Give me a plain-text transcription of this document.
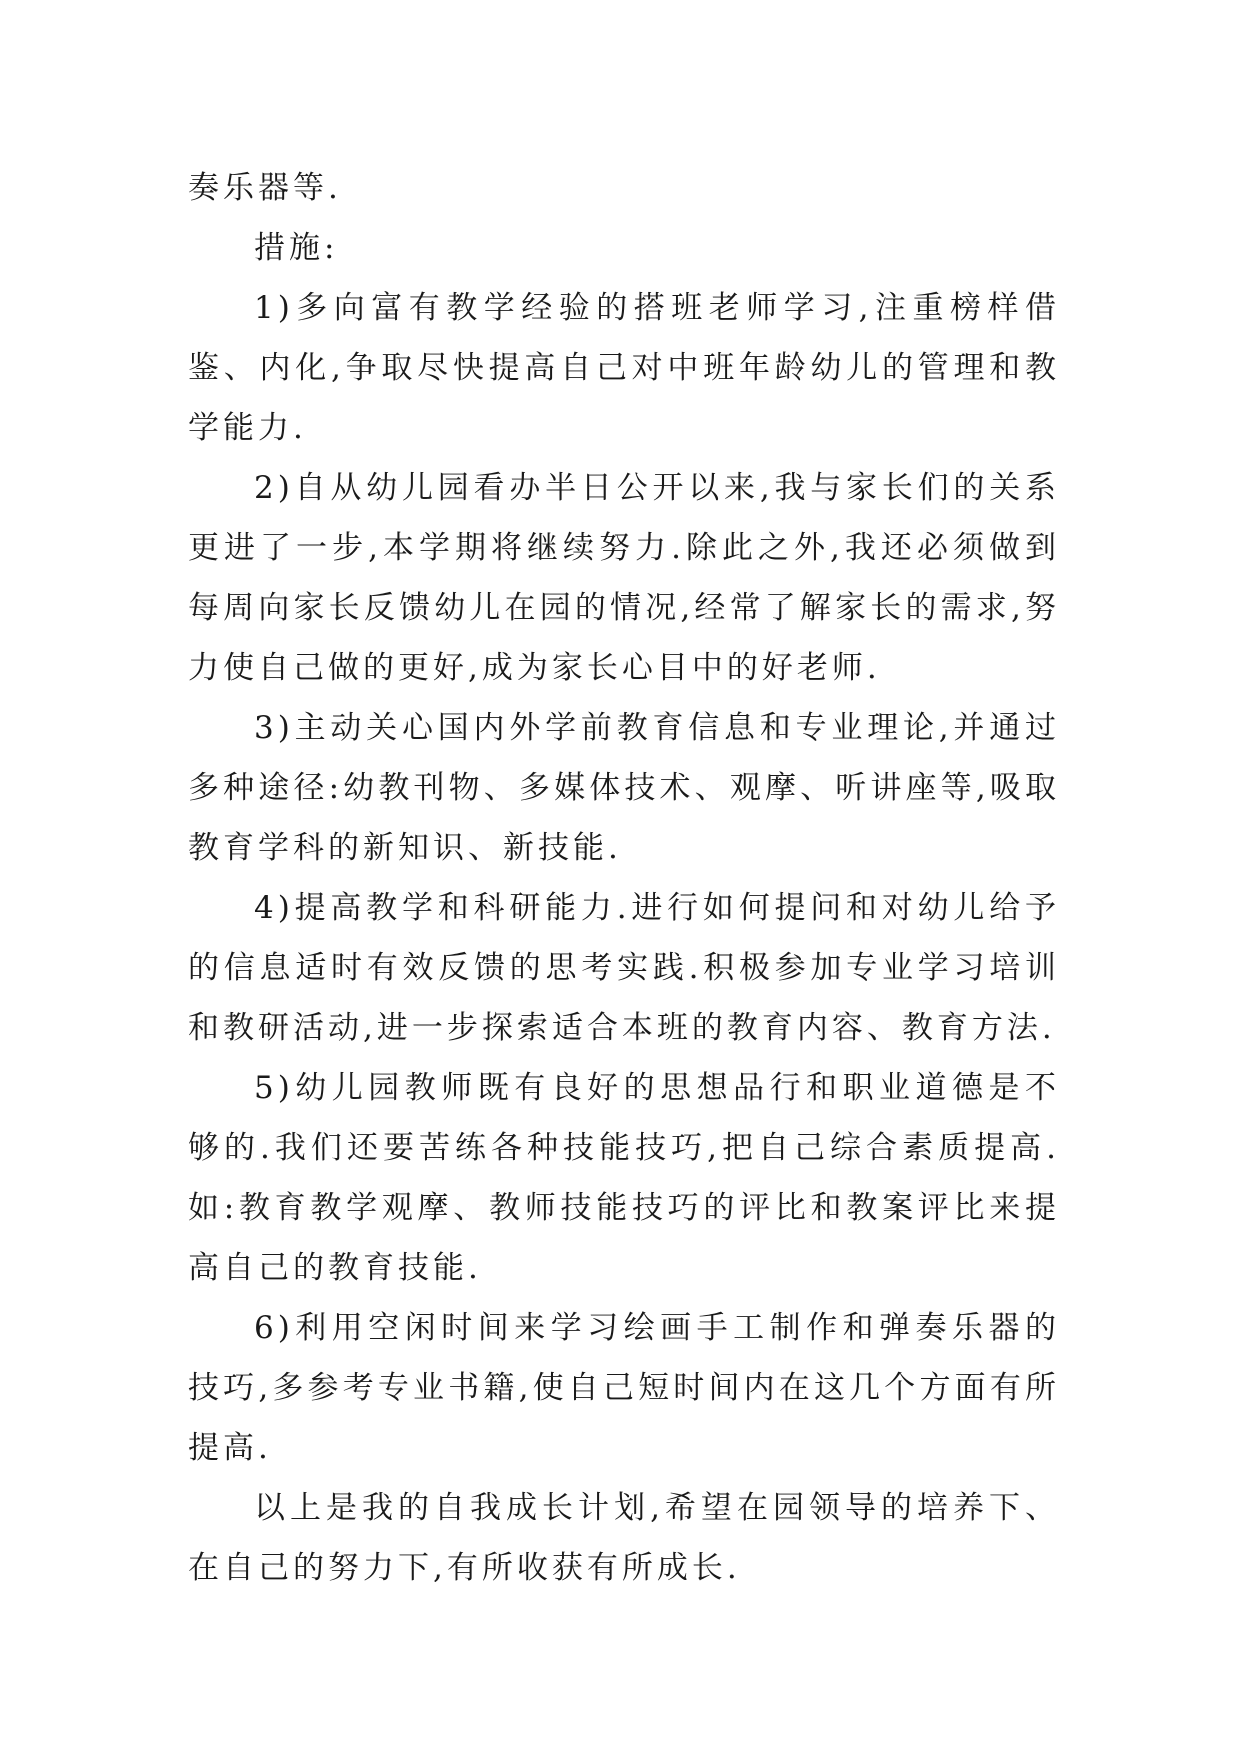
奏乐器等.

措施:

1)多向富有教学经验的搭班老师学习,注重榜样借鉴、内化,争取尽快提高自己对中班年龄幼儿的管理和教学能力.

2)自从幼儿园看办半日公开以来,我与家长们的关系更进了一步,本学期将继续努力.除此之外,我还必须做到每周向家长反馈幼儿在园的情况,经常了解家长的需求,努力使自己做的更好,成为家长心目中的好老师.

3)主动关心国内外学前教育信息和专业理论,并通过多种途径:幼教刊物、多媒体技术、观摩、听讲座等,吸取教育学科的新知识、新技能.

4)提高教学和科研能力.进行如何提问和对幼儿给予的信息适时有效反馈的思考实践.积极参加专业学习培训和教研活动,进一步探索适合本班的教育内容、教育方法.

5)幼儿园教师既有良好的思想品行和职业道德是不够的.我们还要苦练各种技能技巧,把自己综合素质提高.如:教育教学观摩、教师技能技巧的评比和教案评比来提高自己的教育技能.

6)利用空闲时间来学习绘画手工制作和弹奏乐器的技巧,多参考专业书籍,使自己短时间内在这几个方面有所提高.

以上是我的自我成长计划,希望在园领导的培养下、在自己的努力下,有所收获有所成长.
